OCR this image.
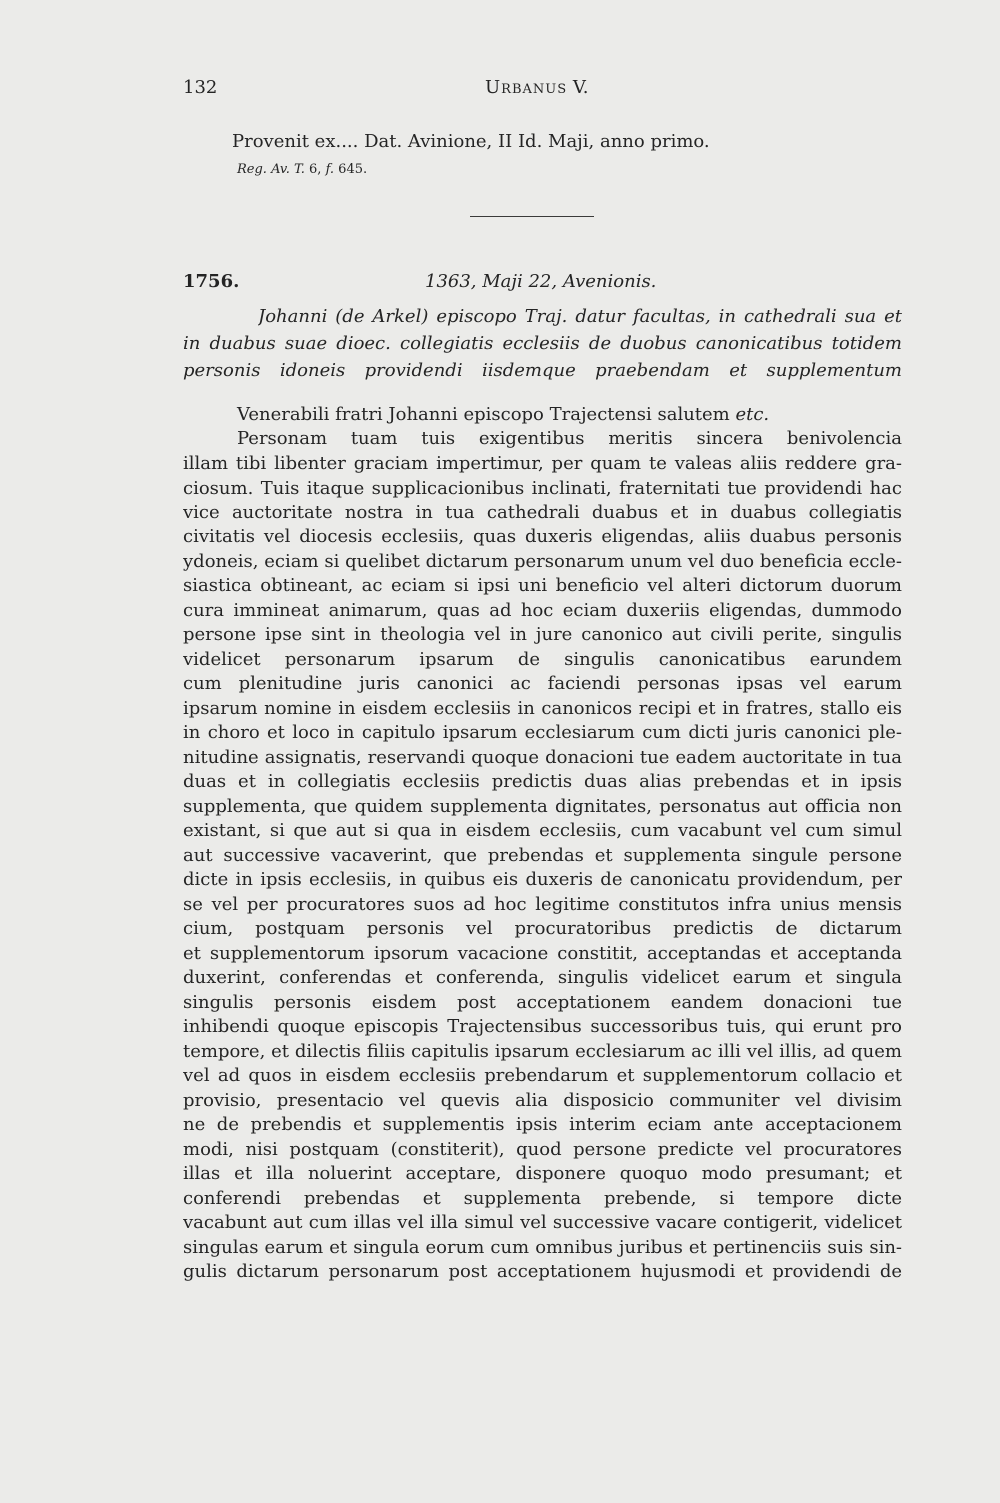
132	URBANUS V.
Provenit ex.... Dat. Avinione, II Id. Maji, anno primo.
Reg. Av. T. 6, f. 645.
1756.	1363, Maji 22, Avenionis.
Johanni (de Arkel) episcopo Traj. datur facultas, in cathedrali sua et
in duabus suae dioec. collegiatis ecclesiis de duobus canonicatibus totidem
personis idoneis providendi iisdemque praebendam et supplementum
Venerabili fratri Johanni episcopo Trajectensi salutem etc.
Personam tuam tuis exigentibus meritis sincera benivolencia
illam tibi libenter graciam impertimur, per quam te valeas aliis reddere gra-
ciosum. Tuis itaque supplicacionibus inclinati, fraternitati tue providendi hac
vice auctoritate nostra in tua cathedrali duabus et in duabus collegiatis
civitatis vel diocesis ecclesiis, quas duxeris eligendas, aliis duabus personis
ydoneis, eciam si quelibet dictarum personarum unum vel duo beneficia eccle-
siastica obtineant, ac eciam si ipsi uni beneficio vel alteri dictorum duorum
cura immineat animarum, quas ad hoc eciam duxeriis eligendas, dummodo
persone ipse sint in theologia vel in jure canonico aut civili perite, singulis
videlicet personarum ipsarum de singulis canonicatibus earundem
cum plenitudine juris canonici ac faciendi personas ipsas vel earum
ipsarum nomine in eisdem ecclesiis in canonicos recipi et in fratres, stallo eis
in choro et loco in capitulo ipsarum ecclesiarum cum dicti juris canonici ple-
nitudine assignatis, reservandi quoque donacioni tue eadem auctoritate in tua
duas et in collegiatis ecclesiis predictis duas alias prebendas et in ipsis
supplementa, que quidem supplementa dignitates, personatus aut officia non
existant, si que aut si qua in eisdem ecclesiis, cum vacabunt vel cum simul
aut successive vacaverint, que prebendas et supplementa singule persone
dicte in ipsis ecclesiis, in quibus eis duxeris de canonicatu providendum, per
se vel per procuratores suos ad hoc legitime constitutos infra unius mensis
cium, postquam personis vel procuratoribus predictis de dictarum
et supplementorum ipsorum vacacione constitit, acceptandas et acceptanda
duxerint, conferendas et conferenda, singulis videlicet earum et singula
singulis personis eisdem post acceptationem eandem donacioni tue
inhibendi quoque episcopis Trajectensibus successoribus tuis, qui erunt pro
tempore, et dilectis filiis capitulis ipsarum ecclesiarum ac illi vel illis, ad quem
vel ad quos in eisdem ecclesiis prebendarum et supplementorum collacio et
provisio, presentacio vel quevis alia disposicio communiter vel divisim
ne de prebendis et supplementis ipsis interim eciam ante acceptacionem
modi, nisi postquam (constiterit), quod persone predicte vel procuratores
illas et illa noluerint acceptare, disponere quoquo modo presumant; et
conferendi prebendas et supplementa prebende, si tempore dicte
vacabunt aut cum illas vel illa simul vel successive vacare contigerit, videlicet
singulas earum et singula eorum cum omnibus juribus et pertinenciis suis sin-
gulis dictarum personarum post acceptationem hujusmodi et providendi de
